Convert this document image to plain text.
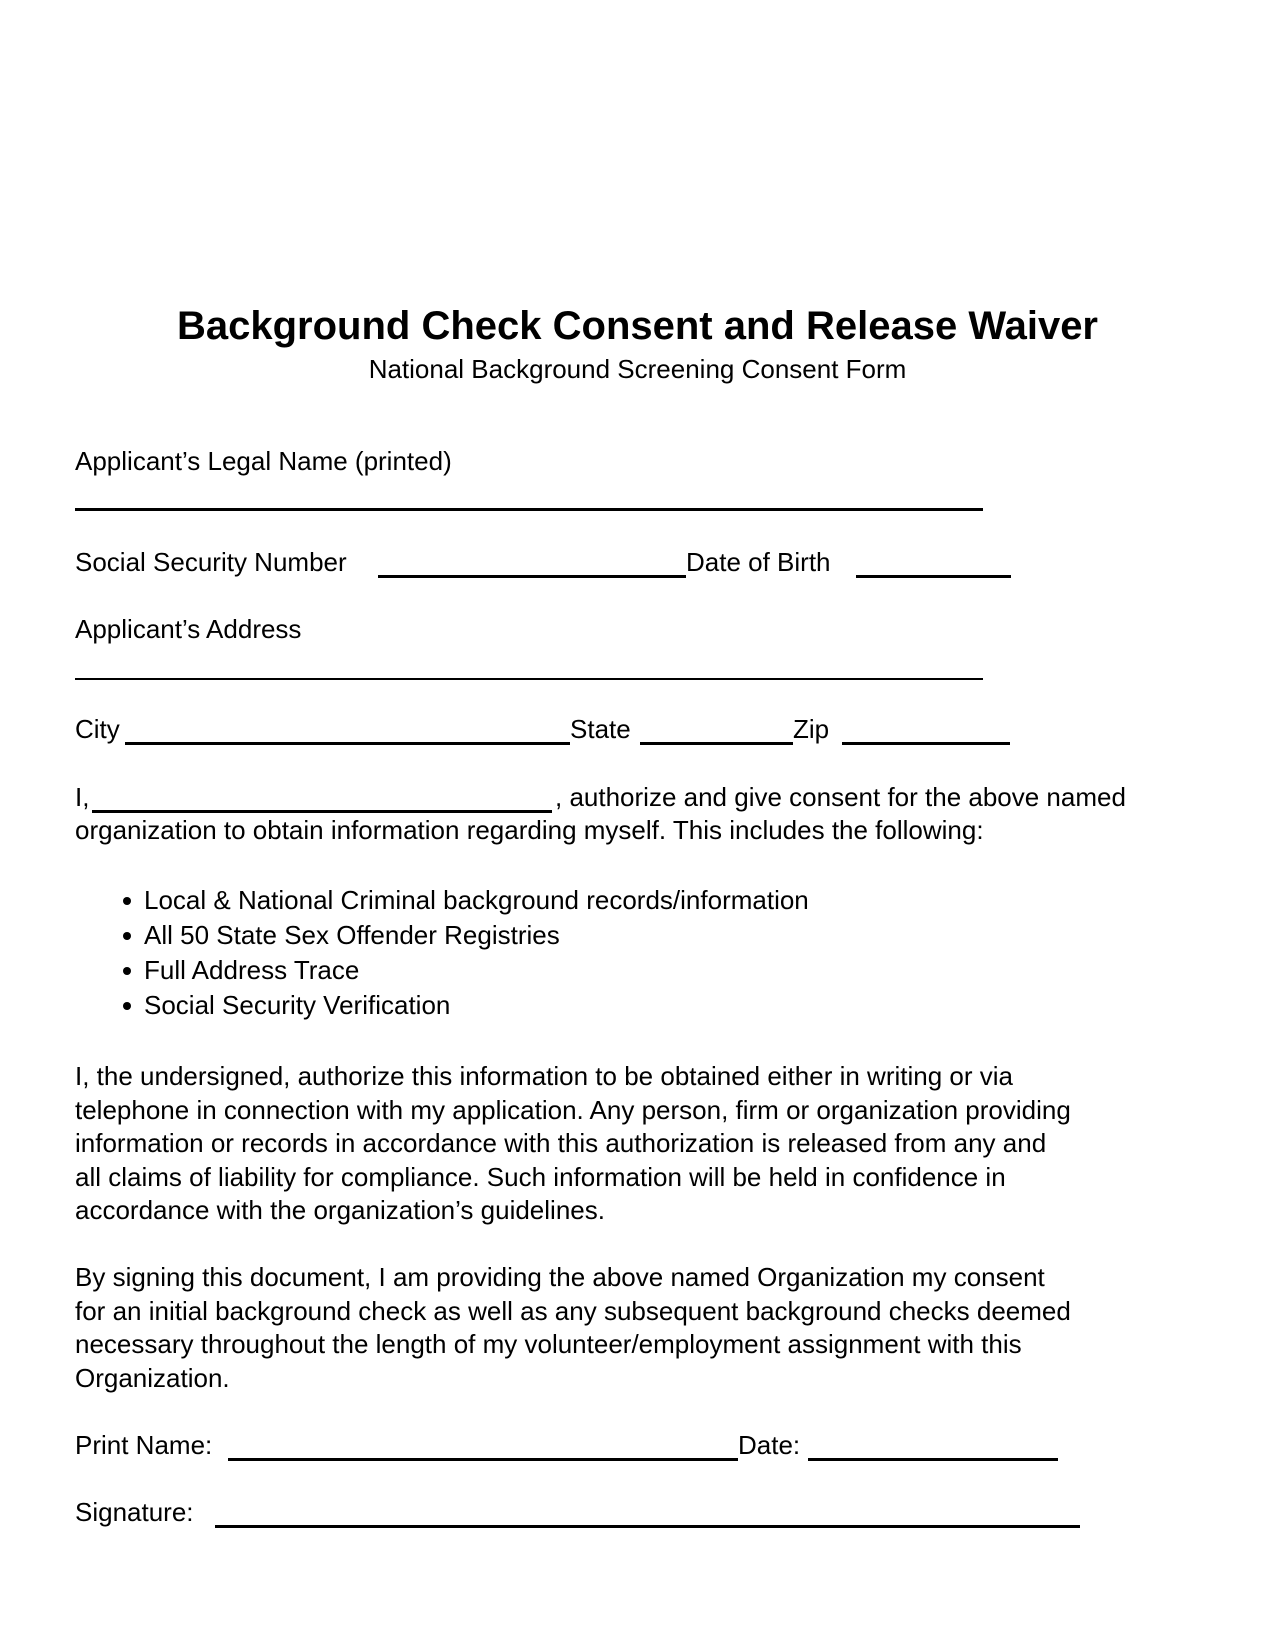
Background Check Consent and Release Waiver
National Background Screening Consent Form
Applicant’s Legal Name (printed)
Social Security Number	Date of Birth
Applicant’s Address
City	State	Zip
I,	, authorize and give consent for the above named
organization to obtain information regarding myself. This includes the following:
Local & National Criminal background records/information
All 50 State Sex Offender Registries
Full Address Trace
Social Security Verification
I, the undersigned, authorize this information to be obtained either in writing or via
telephone in connection with my application. Any person, firm or organization providing
information or records in accordance with this authorization is released from any and
all claims of liability for compliance. Such information will be held in confidence in
accordance with the organization’s guidelines.
By signing this document, I am providing the above named Organization my consent
for an initial background check as well as any subsequent background checks deemed
necessary throughout the length of my volunteer/employment assignment with this
Organization.
Print Name:	Date:
Signature:
